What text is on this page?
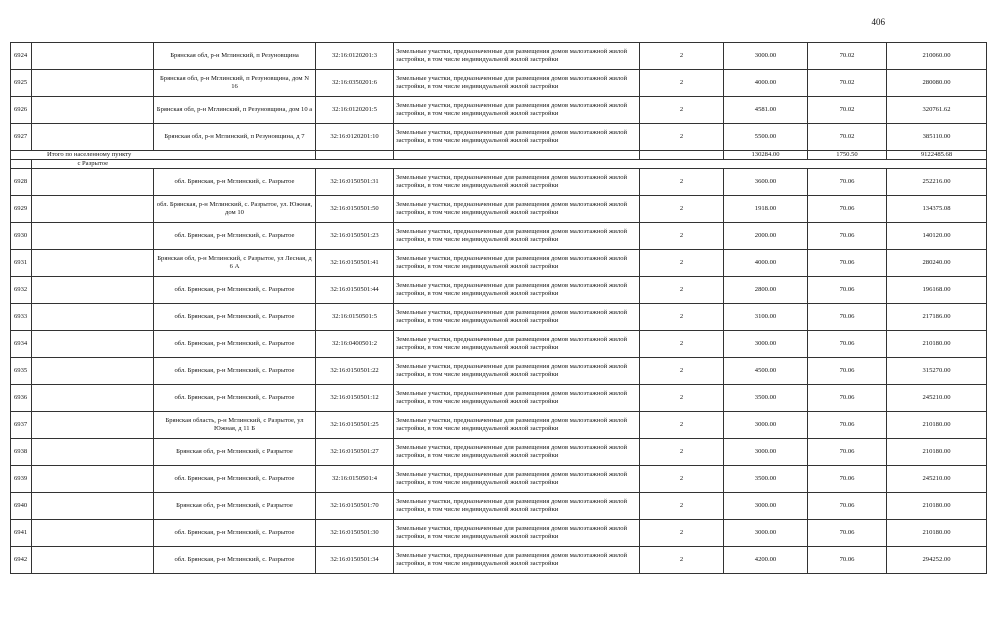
406
6924		Брянская обл, р-н Мглинский, п Резуновщина	32:16:0120201:3	Земельные участки, предназначенные для размещения домов малоэтажной жилой застройки, в том числе индивидуальной жилой застройки	2	3000.00	70.02	210060.00
6925		Брянская обл, р-н Мглинский, п Резуновщина, дом N 16	32:16:0350201:6	Земельные участки, предназначенные для размещения домов малоэтажной жилой застройки, в том числе индивидуальной жилой застройки	2	4000.00	70.02	280080.00
6926		Брянская обл, р-н Мглинский, п Резуновщина, дом 10 а	32:16:0120201:5	Земельные участки, предназначенные для размещения домов малоэтажной жилой застройки, в том числе индивидуальной жилой застройки	2	4581.00	70.02	320761.62
6927		Брянская обл, р-н Мглинский, п Резуновщина, д 7	32:16:0120201:10	Земельные участки, предназначенные для размещения домов малоэтажной жилой застройки, в том числе индивидуальной жилой застройки	2	5500.00	70.02	385110.00
Итого по населенному пункту						130284.00	1750.50	9122485.68
	с Разрытое							
6928		обл. Брянская, р-н Мглинский, с. Разрытое	32:16:0150501:31	Земельные участки, предназначенные для размещения домов малоэтажной жилой застройки, в том числе индивидуальной жилой застройки	2	3600.00	70.06	252216.00
6929		обл. Брянская, р-н Мглинский, с. Разрытое, ул. Южная, дом 10	32:16:0150501:50	Земельные участки, предназначенные для размещения домов малоэтажной жилой застройки, в том числе индивидуальной жилой застройки	2	1918.00	70.06	134375.08
6930		обл. Брянская, р-н Мглинский, с. Разрытое	32:16:0150501:23	Земельные участки, предназначенные для размещения домов малоэтажной жилой застройки, в том числе индивидуальной жилой застройки	2	2000.00	70.06	140120.00
6931		Брянская обл, р-н Мглинский, с Разрытое, ул Лесная, д 6 А	32:16:0150501:41	Земельные участки, предназначенные для размещения домов малоэтажной жилой застройки, в том числе индивидуальной жилой застройки	2	4000.00	70.06	280240.00
6932		обл. Брянская, р-н Мглинский, с. Разрытое	32:16:0150501:44	Земельные участки, предназначенные для размещения домов малоэтажной жилой застройки, в том числе индивидуальной жилой застройки	2	2800.00	70.06	196168.00
6933		обл. Брянская, р-н Мглинский, с. Разрытое	32:16:0150501:5	Земельные участки, предназначенные для размещения домов малоэтажной жилой застройки, в том числе индивидуальной жилой застройки	2	3100.00	70.06	217186.00
6934		обл. Брянская, р-н Мглинский, с. Разрытое	32:16:0400501:2	Земельные участки, предназначенные для размещения домов малоэтажной жилой застройки, в том числе индивидуальной жилой застройки	2	3000.00	70.06	210180.00
6935		обл. Брянская, р-н Мглинский, с. Разрытое	32:16:0150501:22	Земельные участки, предназначенные для размещения домов малоэтажной жилой застройки, в том числе индивидуальной жилой застройки	2	4500.00	70.06	315270.00
6936		обл. Брянская, р-н Мглинский, с. Разрытое	32:16:0150501:12	Земельные участки, предназначенные для размещения домов малоэтажной жилой застройки, в том числе индивидуальной жилой застройки	2	3500.00	70.06	245210.00
6937		Брянская область, р-н Мглинский, с Разрытое, ул Южная, д 11 Б	32:16:0150501:25	Земельные участки, предназначенные для размещения домов малоэтажной жилой застройки, в том числе индивидуальной жилой застройки	2	3000.00	70.06	210180.00
6938		Брянская обл, р-н Мглинский, с Разрытое	32:16:0150501:27	Земельные участки, предназначенные для размещения домов малоэтажной жилой застройки, в том числе индивидуальной жилой застройки	2	3000.00	70.06	210180.00
6939		обл. Брянская, р-н Мглинский, с. Разрытое	32:16:0150501:4	Земельные участки, предназначенные для размещения домов малоэтажной жилой застройки, в том числе индивидуальной жилой застройки	2	3500.00	70.06	245210.00
6940		Брянская обл, р-н Мглинский, с Разрытое	32:16:0150501:70	Земельные участки, предназначенные для размещения домов малоэтажной жилой застройки, в том числе индивидуальной жилой застройки	2	3000.00	70.06	210180.00
6941		обл. Брянская, р-н Мглинский, с. Разрытое	32:16:0150501:30	Земельные участки, предназначенные для размещения домов малоэтажной жилой застройки, в том числе индивидуальной жилой застройки	2	3000.00	70.06	210180.00
6942		обл. Брянская, р-н Мглинский, с. Разрытое	32:16:0150501:34	Земельные участки, предназначенные для размещения домов малоэтажной жилой застройки, в том числе индивидуальной жилой застройки	2	4200.00	70.06	294252.00
